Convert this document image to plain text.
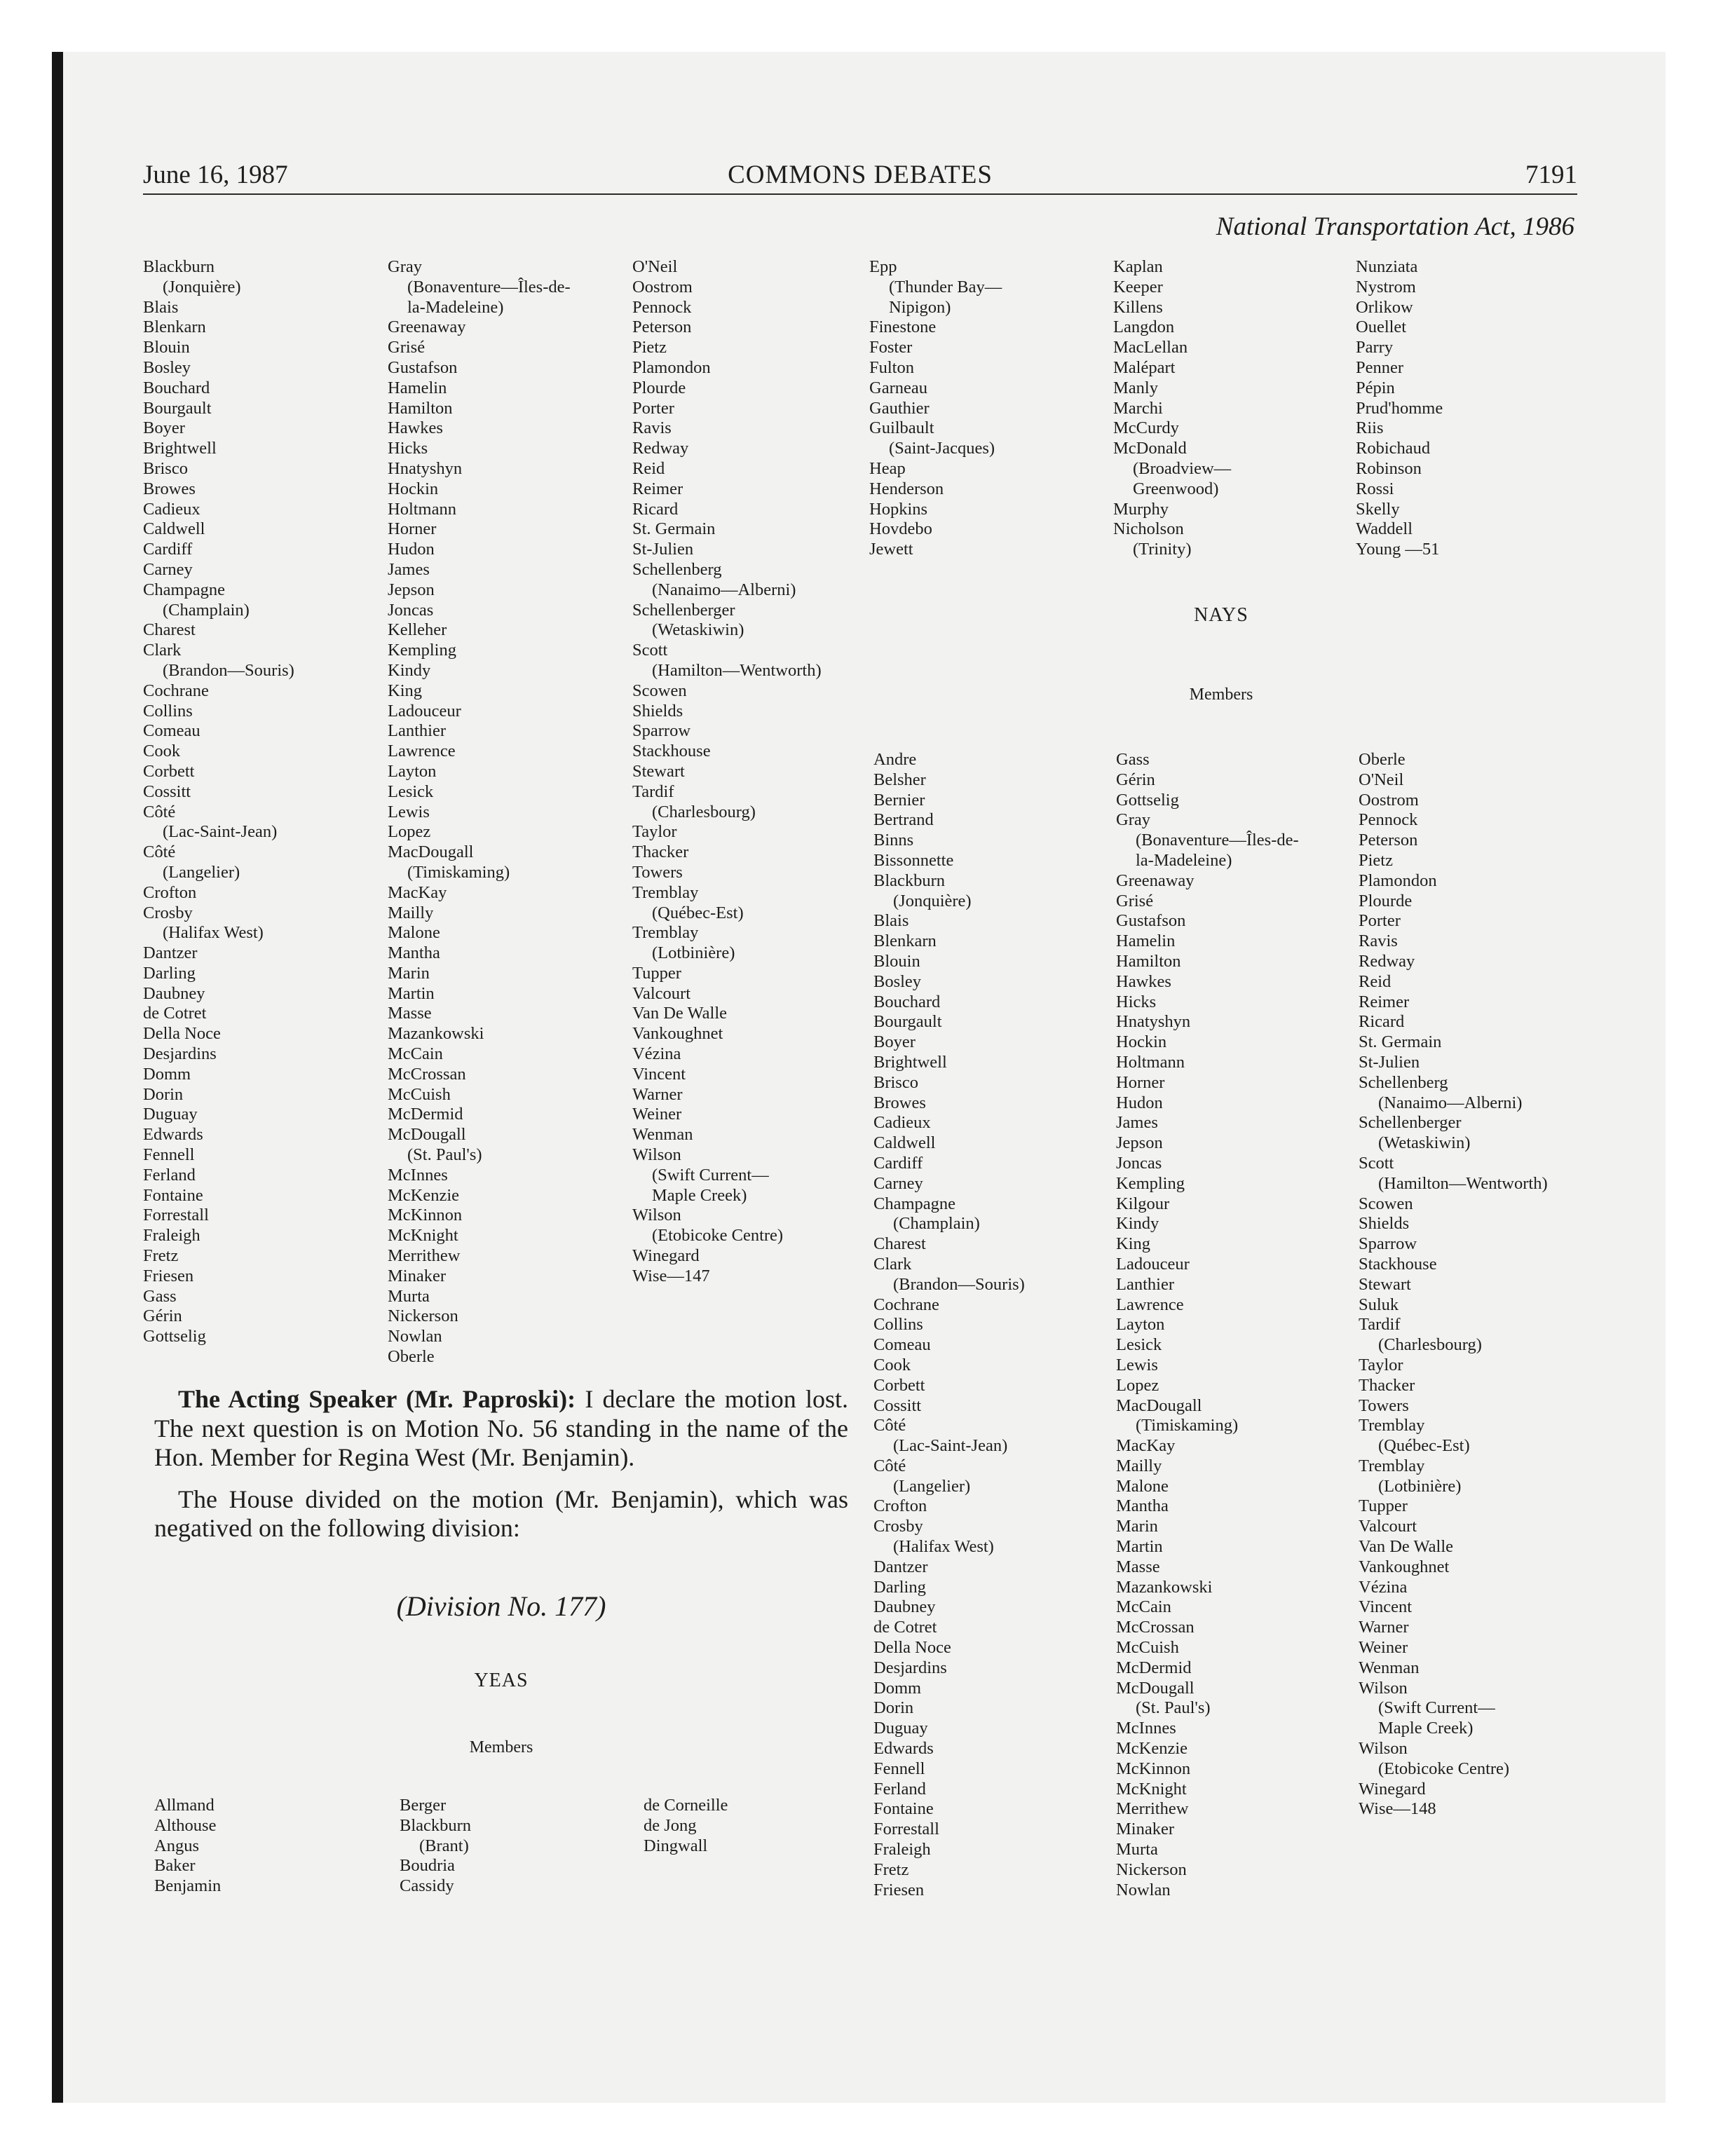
June 16, 1987	COMMONS DEBATES	7191
National Transportation Act, 1986
Blackburn
(Jonquière)
Blais
Blenkarn
Blouin
Bosley
Bouchard
Bourgault
Boyer
Brightwell
Brisco
Browes
Cadieux
Caldwell
Cardiff
Carney
Champagne
(Champlain)
Charest
Clark
(Brandon—Souris)
Cochrane
Collins
Comeau
Cook
Corbett
Cossitt
Côté
(Lac-Saint-Jean)
Côté
(Langelier)
Crofton
Crosby
(Halifax West)
Dantzer
Darling
Daubney
de Cotret
Della Noce
Desjardins
Domm
Dorin
Duguay
Edwards
Fennell
Ferland
Fontaine
Forrestall
Fraleigh
Fretz
Friesen
Gass
Gérin
Gottselig
Gray
(Bonaventure—Îles-de-
la-Madeleine)
Greenaway
Grisé
Gustafson
Hamelin
Hamilton
Hawkes
Hicks
Hnatyshyn
Hockin
Holtmann
Horner
Hudon
James
Jepson
Joncas
Kelleher
Kempling
Kindy
King
Ladouceur
Lanthier
Lawrence
Layton
Lesick
Lewis
Lopez
MacDougall
(Timiskaming)
MacKay
Mailly
Malone
Mantha
Marin
Martin
Masse
Mazankowski
McCain
McCrossan
McCuish
McDermid
McDougall
(St. Paul's)
McInnes
McKenzie
McKinnon
McKnight
Merrithew
Minaker
Murta
Nickerson
Nowlan
Oberle
O'Neil
Oostrom
Pennock
Peterson
Pietz
Plamondon
Plourde
Porter
Ravis
Redway
Reid
Reimer
Ricard
St. Germain
St-Julien
Schellenberg
(Nanaimo—Alberni)
Schellenberger
(Wetaskiwin)
Scott
(Hamilton—Wentworth)
Scowen
Shields
Sparrow
Stackhouse
Stewart
Tardif
(Charlesbourg)
Taylor
Thacker
Towers
Tremblay
(Québec-Est)
Tremblay
(Lotbinière)
Tupper
Valcourt
Van De Walle
Vankoughnet
Vézina
Vincent
Warner
Weiner
Wenman
Wilson
(Swift Current—
Maple Creek)
Wilson
(Etobicoke Centre)
Winegard
Wise—147
Epp
(Thunder Bay—
Nipigon)
Finestone
Foster
Fulton
Garneau
Gauthier
Guilbault
(Saint-Jacques)
Heap
Henderson
Hopkins
Hovdebo
Jewett
Kaplan
Keeper
Killens
Langdon
MacLellan
Malépart
Manly
Marchi
McCurdy
McDonald
(Broadview—
Greenwood)
Murphy
Nicholson
(Trinity)
Nunziata
Nystrom
Orlikow
Ouellet
Parry
Penner
Pépin
Prud'homme
Riis
Robichaud
Robinson
Rossi
Skelly
Waddell
Young —51
NAYS
Members
Andre
Belsher
Bernier
Bertrand
Binns
Bissonnette
Blackburn
(Jonquière)
Blais
Blenkarn
Blouin
Bosley
Bouchard
Bourgault
Boyer
Brightwell
Brisco
Browes
Cadieux
Caldwell
Cardiff
Carney
Champagne
(Champlain)
Charest
Clark
(Brandon—Souris)
Cochrane
Collins
Comeau
Cook
Corbett
Cossitt
Côté
(Lac-Saint-Jean)
Côté
(Langelier)
Crofton
Crosby
(Halifax West)
Dantzer
Darling
Daubney
de Cotret
Della Noce
Desjardins
Domm
Dorin
Duguay
Edwards
Fennell
Ferland
Fontaine
Forrestall
Fraleigh
Fretz
Friesen
Gass
Gérin
Gottselig
Gray
(Bonaventure—Îles-de-
la-Madeleine)
Greenaway
Grisé
Gustafson
Hamelin
Hamilton
Hawkes
Hicks
Hnatyshyn
Hockin
Holtmann
Horner
Hudon
James
Jepson
Joncas
Kempling
Kilgour
Kindy
King
Ladouceur
Lanthier
Lawrence
Layton
Lesick
Lewis
Lopez
MacDougall
(Timiskaming)
MacKay
Mailly
Malone
Mantha
Marin
Martin
Masse
Mazankowski
McCain
McCrossan
McCuish
McDermid
McDougall
(St. Paul's)
McInnes
McKenzie
McKinnon
McKnight
Merrithew
Minaker
Murta
Nickerson
Nowlan
Oberle
O'Neil
Oostrom
Pennock
Peterson
Pietz
Plamondon
Plourde
Porter
Ravis
Redway
Reid
Reimer
Ricard
St. Germain
St-Julien
Schellenberg
(Nanaimo—Alberni)
Schellenberger
(Wetaskiwin)
Scott
(Hamilton—Wentworth)
Scowen
Shields
Sparrow
Stackhouse
Stewart
Suluk
Tardif
(Charlesbourg)
Taylor
Thacker
Towers
Tremblay
(Québec-Est)
Tremblay
(Lotbinière)
Tupper
Valcourt
Van De Walle
Vankoughnet
Vézina
Vincent
Warner
Weiner
Wenman
Wilson
(Swift Current—
Maple Creek)
Wilson
(Etobicoke Centre)
Winegard
Wise—148

The Acting Speaker (Mr. Paproski): I declare the motion lost. The next question is on Motion No. 56 standing in the name of the Hon. Member for Regina West (Mr. Benjamin).

The House divided on the motion (Mr. Benjamin), which was negatived on the following division:

(Division No. 177)
YEAS
Members
Allmand
Althouse
Angus
Baker
Benjamin
Berger
Blackburn
(Brant)
Boudria
Cassidy
de Corneille
de Jong
Dingwall
